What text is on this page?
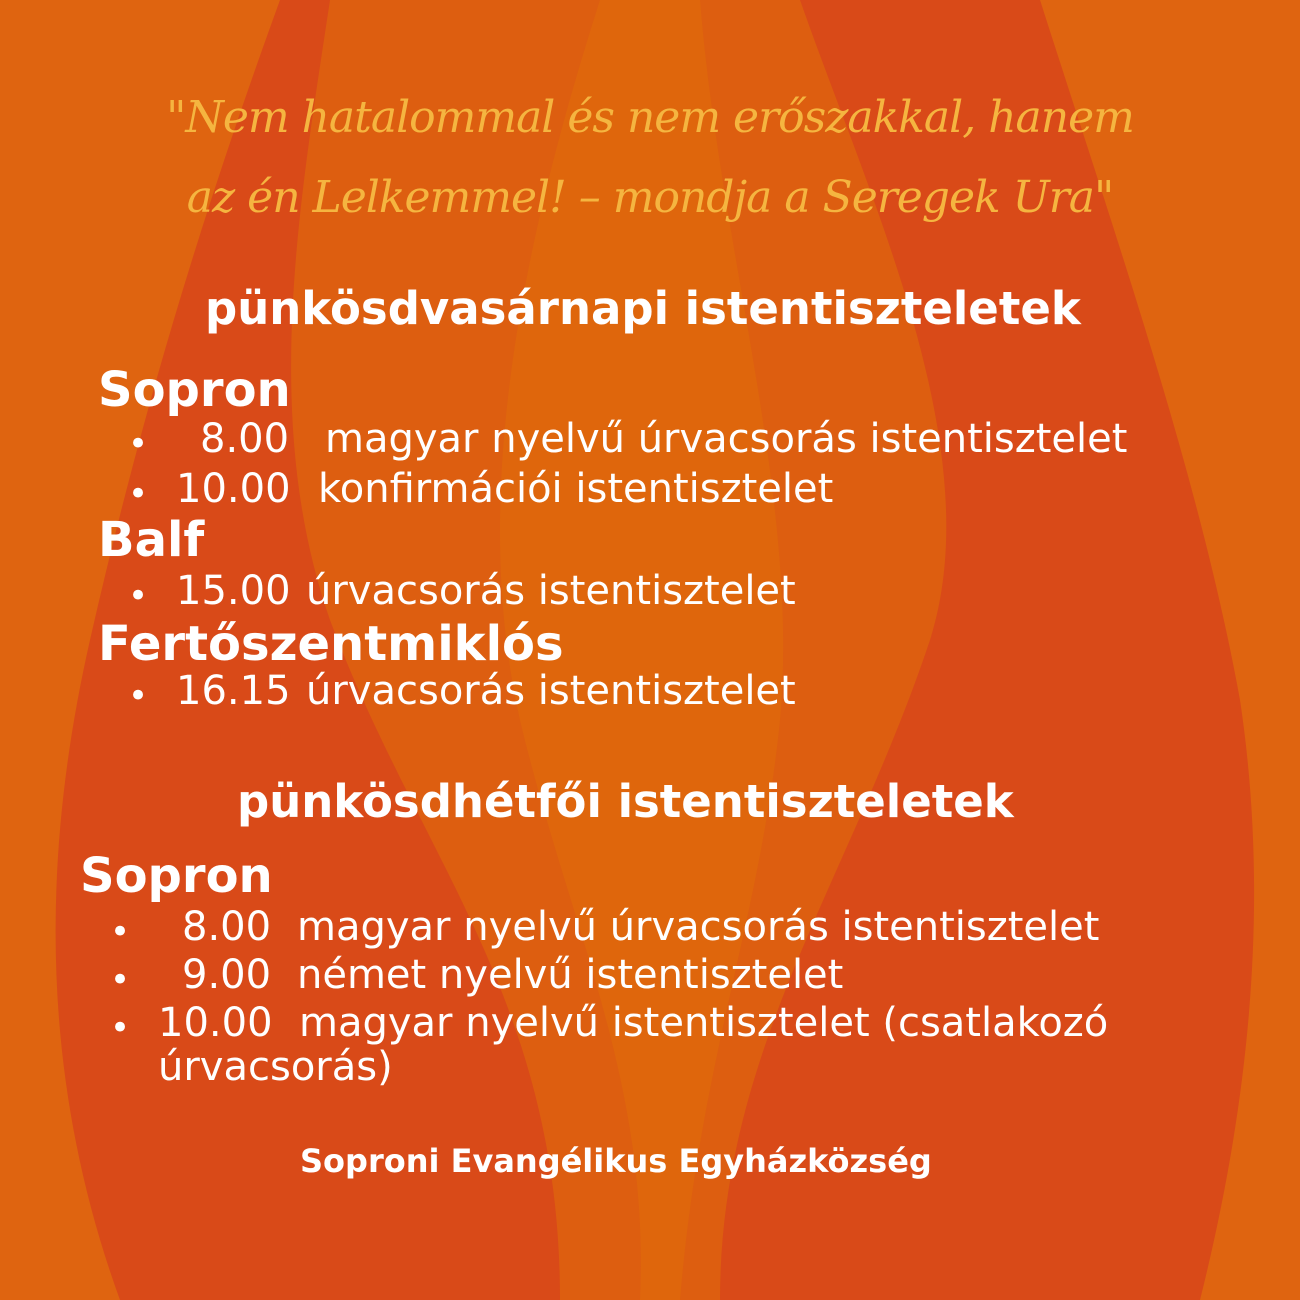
"Nem hatalommal és nem erőszakkal, hanem
az én Lelkemmel! – mondja a Seregek Ura"
pünkösdvasárnapi istentiszteletek
Sopron
• 8.00 magyar nyelvű úrvacsorás istentisztelet
• 10.00 konfirmációi istentisztelet
Balf
• 15.00 úrvacsorás istentisztelet
Fertőszentmiklós
• 16.15 úrvacsorás istentisztelet
pünkösdhétfői istentiszteletek
Sopron
• 8.00 magyar nyelvű úrvacsorás istentisztelet
• 9.00 német nyelvű istentisztelet
• 10.00 magyar nyelvű istentisztelet (csatlakozó
úrvacsorás)
Soproni Evangélikus Egyházközség
